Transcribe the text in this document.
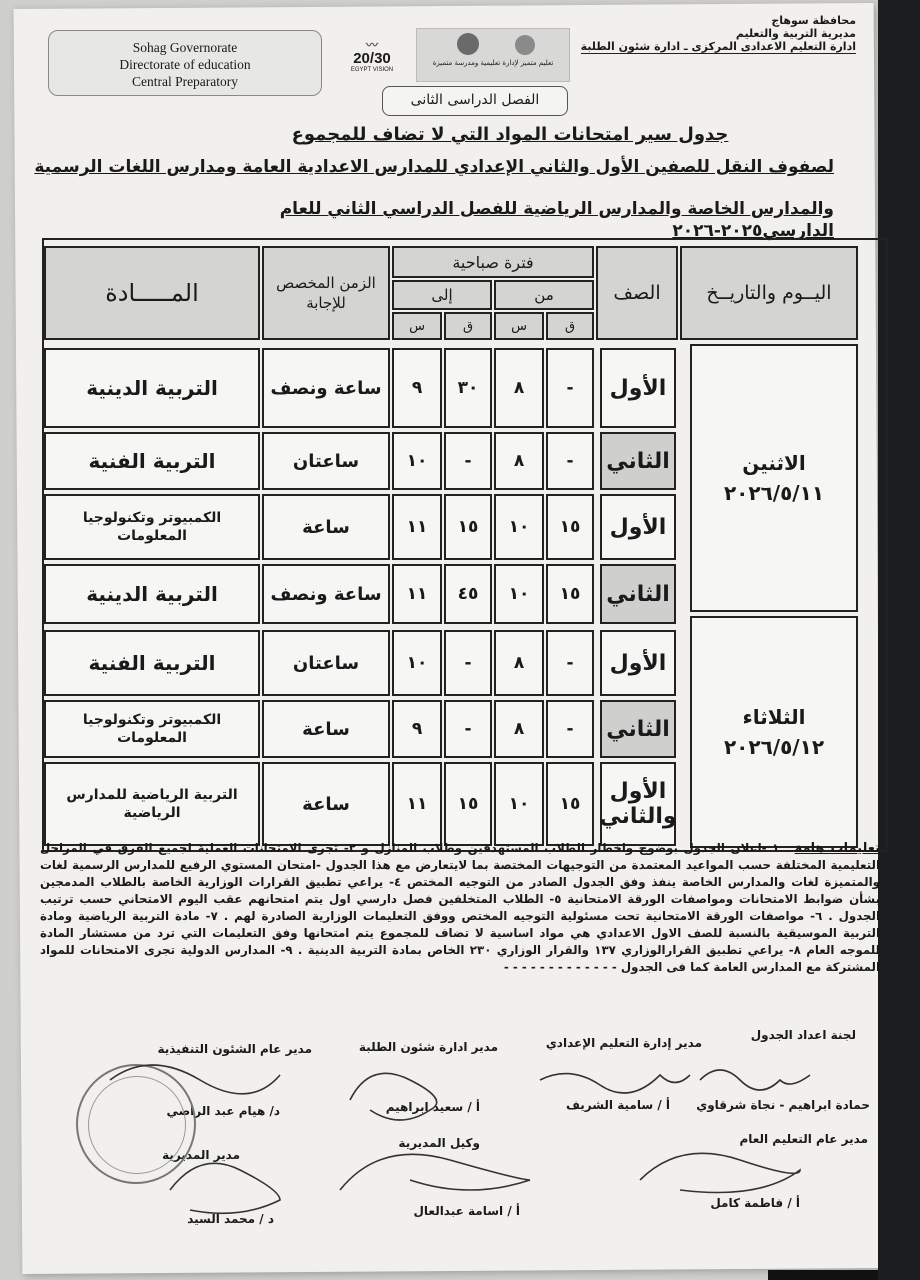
محافظة سوهاج
مديرية التربية والتعليم
ادارة التعليم الاعدادى المركزى ـ ادارة شئون الطلبة
Sohag Governorate
Directorate of education
Central Preparatory
〰
20/30
EGYPT VISION
تعليم متميز لإدارة تعليمية ومدرسة متميزة
الفصل الدراسى الثانى
جدول سير امتحانات المواد التي لا تضاف للمجموع
لصفوف النقل للصفين الأول والثاني الإعدادي للمدارس الاعدادية العامة ومدارس اللغات الرسمية
والمدارس الخاصة والمدارس الرياضية للفصل الدراسي الثاني للعام الدارسي٢٠٢٥-٢٠٢٦
اليــوم والتاريــخ
الصف
فترة صباحية
من
إلى
ق
س
ق
س
الزمن المخصص للإجابة
المـــــادة
الاثنين
٢٠٢٦/٥/١١
الثلاثاء
٢٠٢٦/٥/١٢
الأول
-
٨
٣٠
٩
ساعة ونصف
التربية الدينية
الثاني
-
٨
-
١٠
ساعتان
التربية الفنية
الأول
١٥
١٠
١٥
١١
ساعة
الكمبيوتر وتكنولوجيا المعلومات
الثاني
١٥
١٠
٤٥
١١
ساعة ونصف
التربية الدينية
الأول
-
٨
-
١٠
ساعتان
التربية الفنية
الثاني
-
٨
-
٩
ساعة
الكمبيوتر وتكنولوجيا المعلومات
الأول والثاني
١٥
١٠
١٥
١١
ساعة
التربية الرياضية للمدارس الرياضية
تعليمات هامة ـ ١ -اعلان الجدول بوضوح واخطار الطلاب المستهدفين وطلاب المنازل و ٢- تجرى الامتحانات العملية لجميع الفرق في المراحل التعليمية المختلفة حسب المواعيد المعتمدة من التوجيهات المختصة بما لايتعارض مع هذا الجدول -امتحان المستوي الرفيع للمدارس الرسمية لغات والمتميزة لغات والمدارس الخاصة ينفذ وفق الجدول الصادر من التوجيه المختص ٤- يراعي تطبيق القرارات الوزارية الخاصة بالطلاب المدمجين بشأن ضوابط الامتحانات ومواصفات الورقة الامتحانية ٥- الطلاب المتخلفين فصل دارسي اول يتم امتحانهم عقب اليوم الامتحاني حسب ترتيب الجدول . ٦- مواصفات الورقة الامتحانية تحت مسئولية التوجيه المختص ووفق التعليمات الوزارية الصادرة لهم . ٧- مادة التربية الرياضية ومادة التربية الموسيقية بالنسبة للصف الاول الاعدادي هي مواد اساسية لا تضاف للمجموع يتم امتحانها وفق التعليمات التي ترد من مستشار المادة للموجه العام ٨- يراعي تطبيق القرارالوزاري ١٣٧ والقرار الوزاري ٢٣٠ الخاص بمادة التربية الدينية . ٩- المدارس الدولية تجرى الامتحانات للمواد المشتركة مع المدارس العامة كما فى الجدول - - - - - - - - - - - - -
لجنة اعداد الجدول
حمادة ابراهيم - نجاة شرقاوي
مدير إدارة التعليم الإعدادي
أ / سامية الشريف
مدير ادارة شئون الطلبة
أ / سعيد ابراهيم
مدير عام الشئون التنفيذية
د/ هيام عبد الراضي
مدير عام التعليم العام
أ / فاطمة كامل
وكيل المديرية
أ / اسامة عبدالعال
مدير المديرية
د / محمد السيد
